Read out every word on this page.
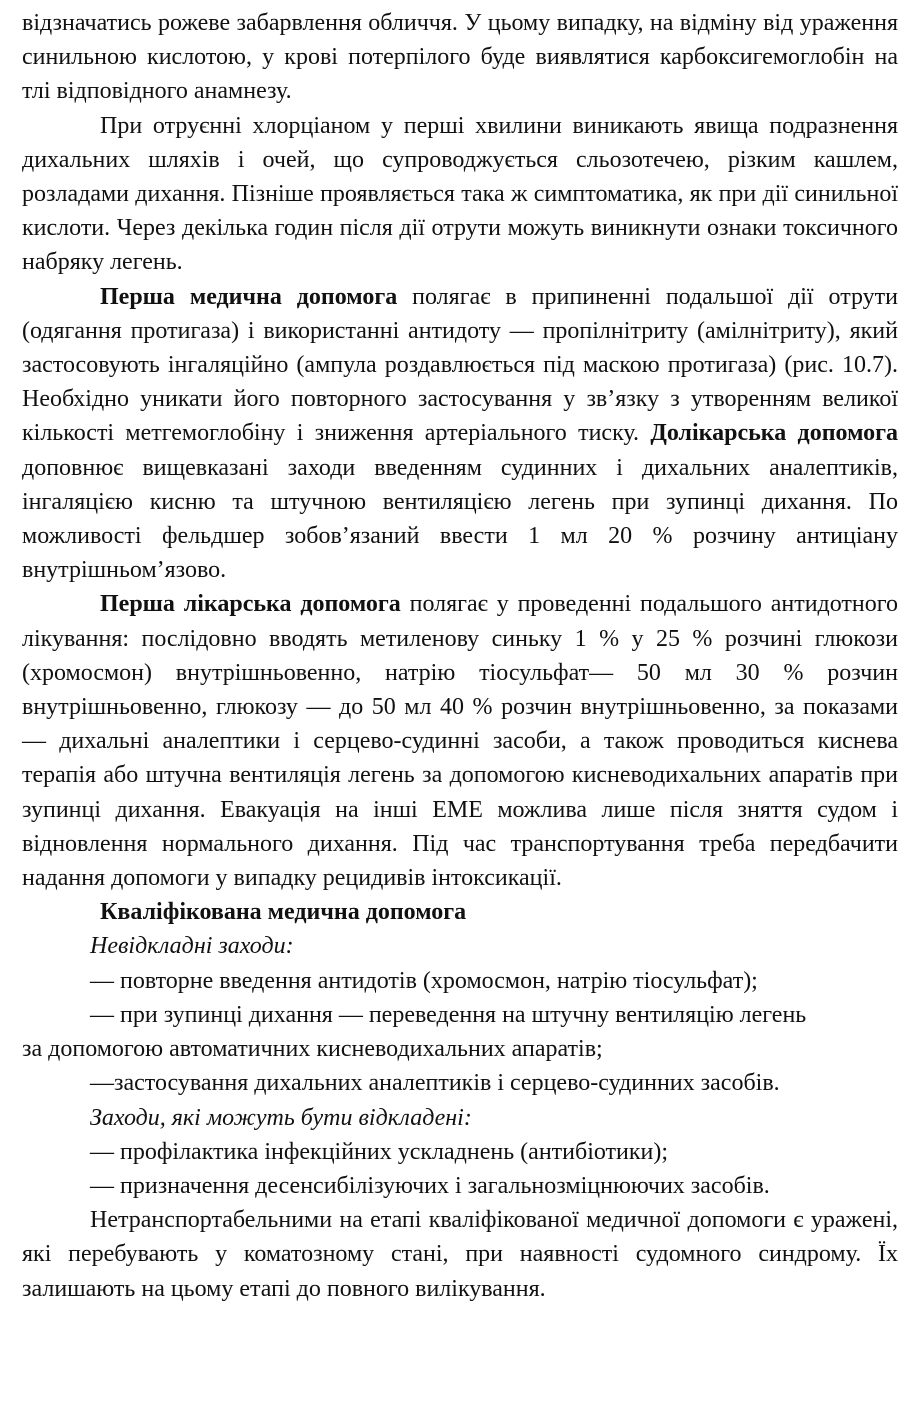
відзначатись рожеве забарвлення обличчя. У цьому випадку, на відміну від ураження синильною кислотою, у крові потерпілого буде виявлятися карбоксигемоглобін на тлі відповідного анамнезу.

При отруєнні хлорціаном у перші хвилини виникають явища подразнення дихальних шляхів і очей, що супроводжується сльозотечею, різким кашлем, розладами дихання. Пізніше проявляється така ж симптоматика, як при дії синильної кислоти. Через декілька годин після дії отрути можуть виникнути ознаки токсичного набряку легень.

Перша медична допомога полягає в припиненні подальшої дії отрути (одягання протигаза) і використанні антидоту — пропілнітриту (амілнітриту), який застосовують інгаляційно (ампула роздавлюється під маскою протигаза) (рис. 10.7). Необхідно уникати його повторного застосування у зв’язку з утворенням великої кількості метгемоглобіну і зниження артеріального тиску. Долікарська допомога доповнює вищевказані заходи введенням судинних і дихальних аналептиків, інгаляцією кисню та штучною вентиляцією легень при зупинці дихання. По можливості фельдшер зобов’язаний ввести 1 мл 20 % розчину антиціану внутрішньом’язово.

Перша лікарська допомога полягає у проведенні подальшого антидотного лікування: послідовно вводять метиленову синьку 1 % у 25 % розчині глюкози (хромосмон) внутрішньовенно, натрію тіосульфат— 50 мл 30 % розчин внутрішньовенно, глюкозу — до 50 мл 40 % розчин внутрішньовенно, за показами — дихальні аналептики і серцево-судинні засоби, а також проводиться киснева терапія або штучна вентиляція легень за допомогою кисневодихальних апаратів при зупинці дихання. Евакуація на інші ЕМЕ можлива лише після зняття судом і відновлення нормального дихання. Під час транспортування треба передбачити надання допомоги у випадку рецидивів інтоксикації.

Кваліфікована медична допомога

Невідкладні заходи:

— повторне введення антидотів (хромосмон, натрію тіосульфат);

— при зупинці дихання — переведення на штучну вентиляцію легень

за допомогою автоматичних кисневодихальних апаратів;

—застосування дихальних аналептиків і серцево-судинних засобів.

Заходи, які можуть бути відкладені:

— профілактика інфекційних ускладнень (антибіотики);

— призначення десенсибілізуючих і загальнозміцнюючих засобів.

Нетранспортабельними на етапі кваліфікованої медичної допомоги є уражені, які перебувають у коматозному стані, при наявності судомного синдрому. Їх залишають на цьому етапі до повного вилікування.
